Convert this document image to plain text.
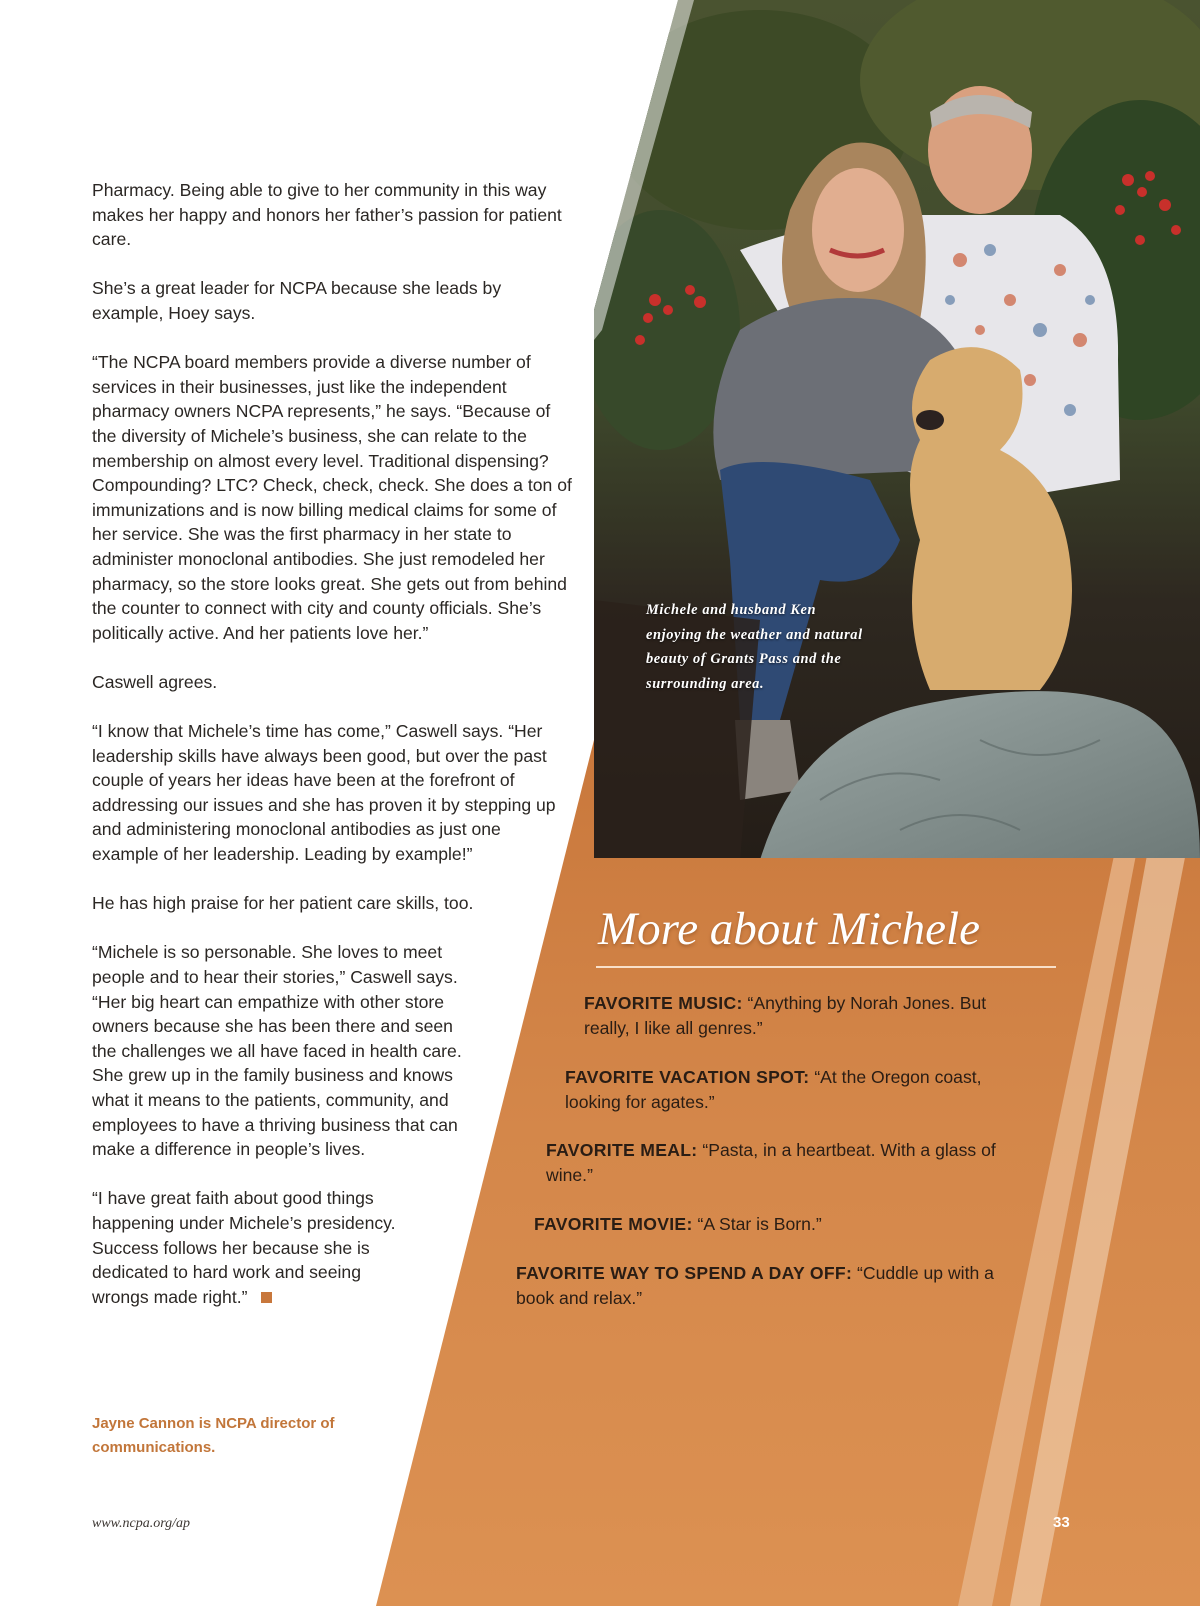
Pharmacy. Being able to give to her community in this way makes her happy and honors her father’s passion for patient care.

She’s a great leader for NCPA because she leads by example, Hoey says.

“The NCPA board members provide a diverse number of services in their businesses, just like the independent pharmacy owners NCPA represents,” he says. “Because of the diversity of Michele’s business, she can relate to the membership on almost every level. Traditional dispensing? Compounding? LTC? Check, check, check. She does a ton of immunizations and is now billing medical claims for some of her service. She was the first pharmacy in her state to administer monoclonal antibodies. She just remodeled her pharmacy, so the store looks great. She gets out from behind the counter to connect with city and county officials. She’s politically active. And her patients love her.”

Caswell agrees.

“I know that Michele’s time has come,” Caswell says. “Her leadership skills have always been good, but over the past couple of years her ideas have been at the forefront of addressing our issues and she has proven it by stepping up and administering monoclonal antibodies as just one example of her leadership. Leading by example!”

He has high praise for her patient care skills, too.

“Michele is so personable. She loves to meet people and to hear their stories,” Caswell says. “Her big heart can empathize with other store owners because she has been there and seen the challenges we all have faced in health care. She grew up in the family business and knows what it means to the patients, community, and employees to have a thriving business that can make a difference in people’s lives.

“I have great faith about good things happening under Michele’s presidency. Success follows her because she is dedicated to hard work and seeing wrongs made right.”

Jayne Cannon is NCPA director of communications.
Michele and husband Ken enjoying the weather and natural beauty of Grants Pass and the surrounding area.
More about Michele
FAVORITE MUSIC: “Anything by Norah Jones. But really, I like all genres.”
FAVORITE VACATION SPOT: “At the Oregon coast, looking for agates.”
FAVORITE MEAL: “Pasta, in a heartbeat. With a glass of wine.”
FAVORITE MOVIE: “A Star is Born.”
FAVORITE WAY TO SPEND A DAY OFF: “Cuddle up with a book and relax.”
www.ncpa.org/ap	33
